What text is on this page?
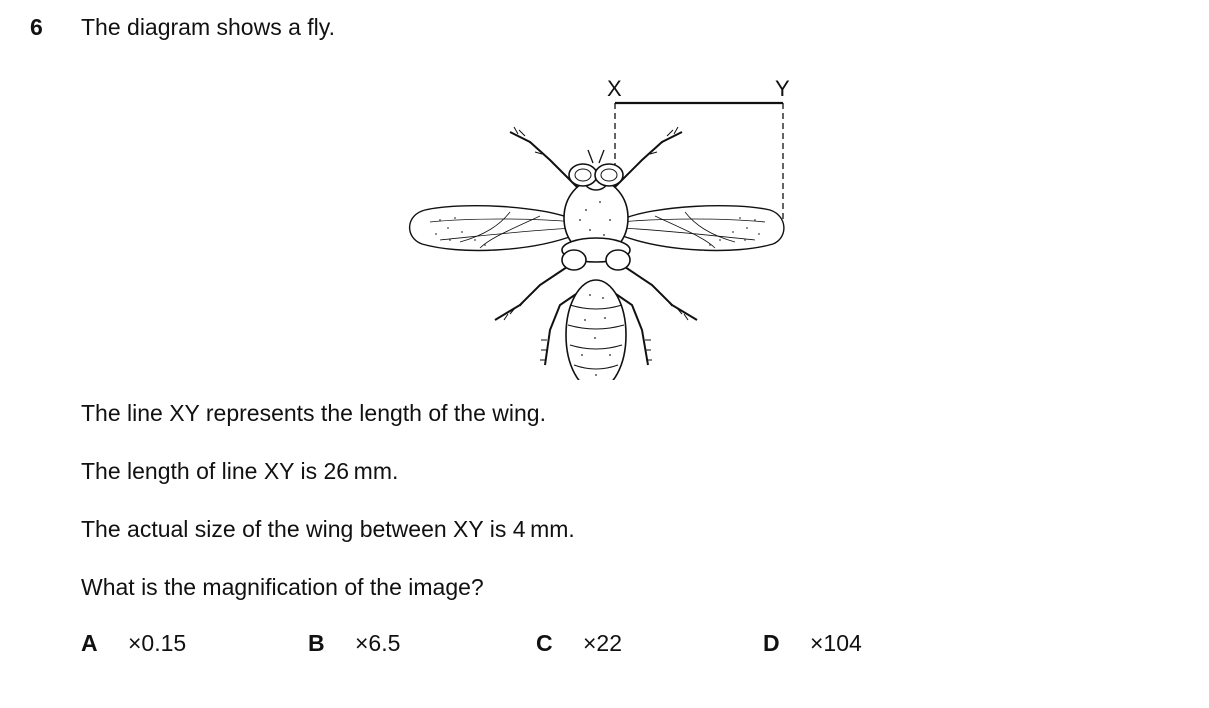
6 The diagram shows a fly.
X	Y
The line XY represents the length of the wing.
The length of line XY is 26 mm.
The actual size of the wing between XY is 4 mm.
What is the magnification of the image?
A ×0.15	B ×6.5	C ×22	D ×104
